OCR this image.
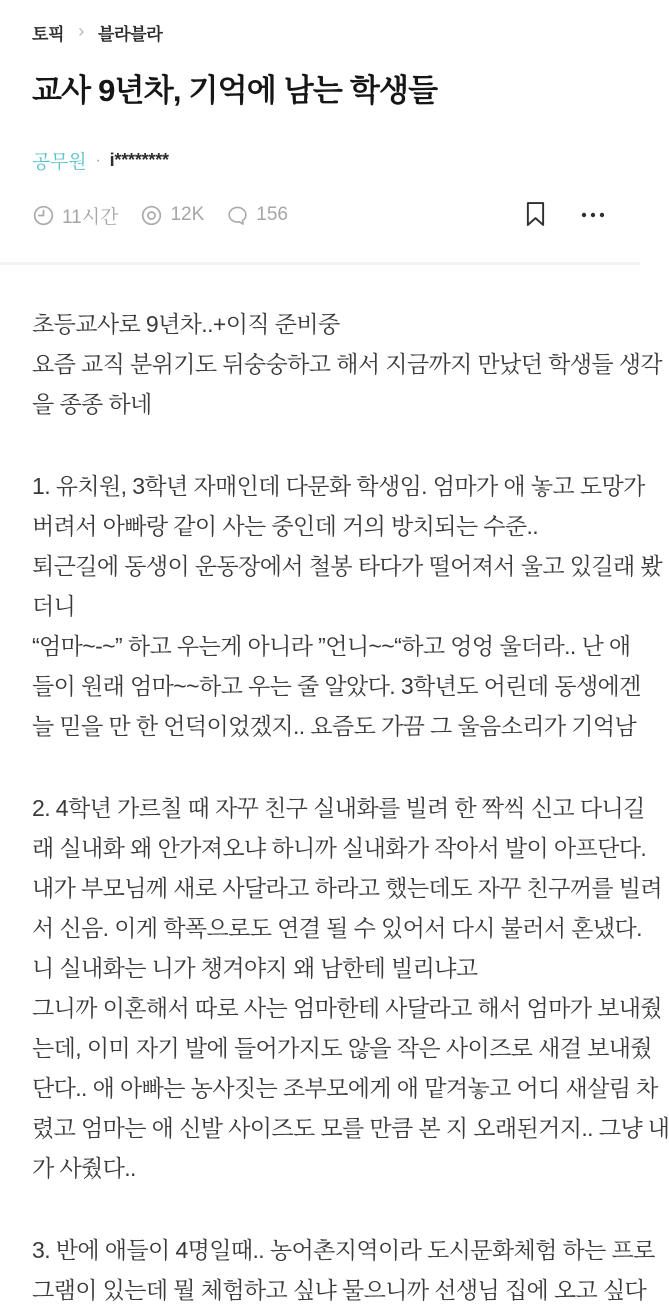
토픽 › 블라블라
교사 9년차, 기억에 남는 학생들
공무원 · i********
11시간	12K	156
초등교사로 9년차..+이직 준비중
요즘 교직 분위기도 뒤숭숭하고 해서 지금까지 만났던 학생들 생각
을 종종 하네
1. 유치원, 3학년 자매인데 다문화 학생임. 엄마가 애 놓고 도망가
버려서 아빠랑 같이 사는 중인데 거의 방치되는 수준..
퇴근길에 동생이 운동장에서 철봉 타다가 떨어져서 울고 있길래 봤
더니
“엄마~-~” 하고 우는게 아니라 ”언니~~“하고 엉엉 울더라.. 난 애
들이 원래 엄마~~하고 우는 줄 알았다. 3학년도 어린데 동생에겐
늘 믿을 만 한 언덕이었겠지.. 요즘도 가끔 그 울음소리가 기억남
2. 4학년 가르칠 때 자꾸 친구 실내화를 빌려 한 짝씩 신고 다니길
래 실내화 왜 안가져오냐 하니까 실내화가 작아서 발이 아프단다.
내가 부모님께 새로 사달라고 하라고 했는데도 자꾸 친구꺼를 빌려
서 신음. 이게 학폭으로도 연결 될 수 있어서 다시 불러서 혼냈다.
니 실내화는 니가 챙겨야지 왜 남한테 빌리냐고
그니까 이혼해서 따로 사는 엄마한테 사달라고 해서 엄마가 보내줬
는데, 이미 자기 발에 들어가지도 않을 작은 사이즈로 새걸 보내줬
단다.. 애 아빠는 농사짓는 조부모에게 애 맡겨놓고 어디 새살림 차
렸고 엄마는 애 신발 사이즈도 모를 만큼 본 지 오래된거지.. 그냥 내
가 사줬다..
3. 반에 애들이 4명일때.. 농어촌지역이라 도시문화체험 하는 프로
그램이 있는데 뭘 체험하고 싶냐 물으니까 선생님 집에 오고 싶다
